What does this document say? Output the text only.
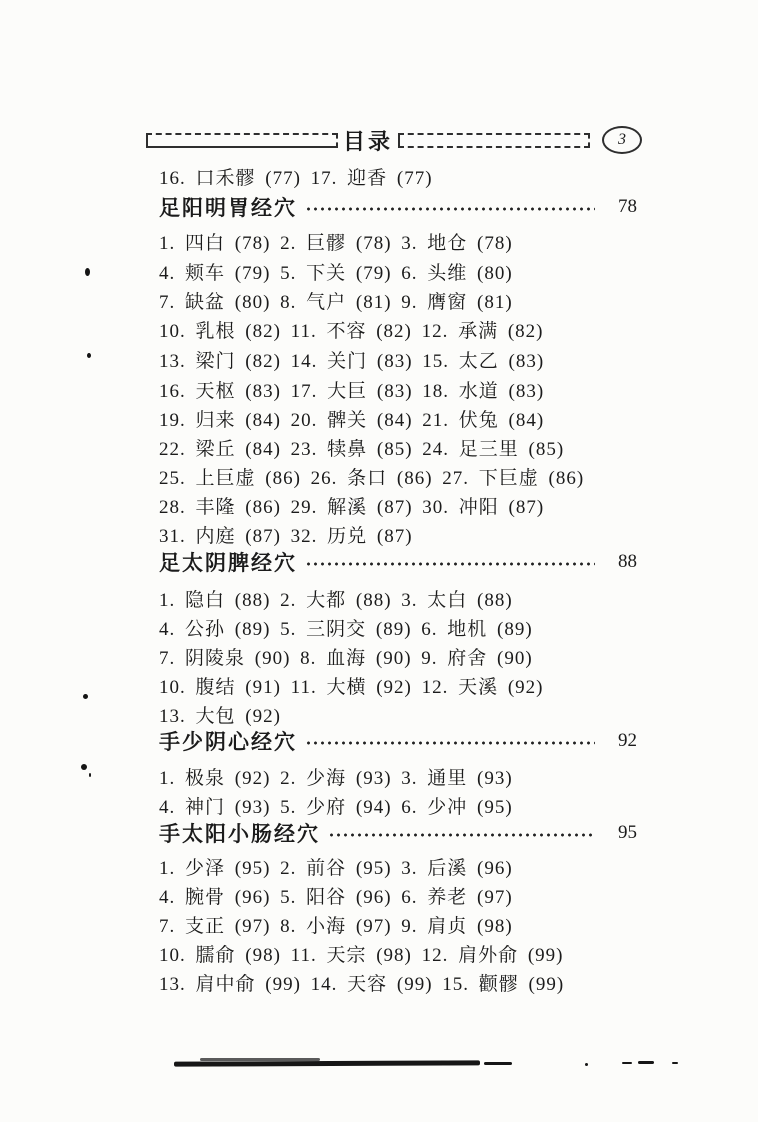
目录	3
16. 口禾髎 (77) 17. 迎香 (77)
足阳明胃经穴	78
1. 四白 (78) 2. 巨髎 (78) 3. 地仓 (78)
4. 颊车 (79) 5. 下关 (79) 6. 头维 (80)
7. 缺盆 (80) 8. 气户 (81) 9. 膺窗 (81)
10. 乳根 (82) 11. 不容 (82) 12. 承满 (82)
13. 梁门 (82) 14. 关门 (83) 15. 太乙 (83)
16. 天枢 (83) 17. 大巨 (83) 18. 水道 (83)
19. 归来 (84) 20. 髀关 (84) 21. 伏兔 (84)
22. 梁丘 (84) 23. 犊鼻 (85) 24. 足三里 (85)
25. 上巨虚 (86) 26. 条口 (86) 27. 下巨虚 (86)
28. 丰隆 (86) 29. 解溪 (87) 30. 冲阳 (87)
31. 内庭 (87) 32. 历兑 (87)
足太阴脾经穴	88
1. 隐白 (88) 2. 大都 (88) 3. 太白 (88)
4. 公孙 (89) 5. 三阴交 (89) 6. 地机 (89)
7. 阴陵泉 (90) 8. 血海 (90) 9. 府舍 (90)
10. 腹结 (91) 11. 大横 (92) 12. 天溪 (92)
13. 大包 (92)
手少阴心经穴	92
1. 极泉 (92) 2. 少海 (93) 3. 通里 (93)
4. 神门 (93) 5. 少府 (94) 6. 少冲 (95)
手太阳小肠经穴	95
1. 少泽 (95) 2. 前谷 (95) 3. 后溪 (96)
4. 腕骨 (96) 5. 阳谷 (96) 6. 养老 (97)
7. 支正 (97) 8. 小海 (97) 9. 肩贞 (98)
10. 臑俞 (98) 11. 天宗 (98) 12. 肩外俞 (99)
13. 肩中俞 (99) 14. 天容 (99) 15. 颧髎 (99)
